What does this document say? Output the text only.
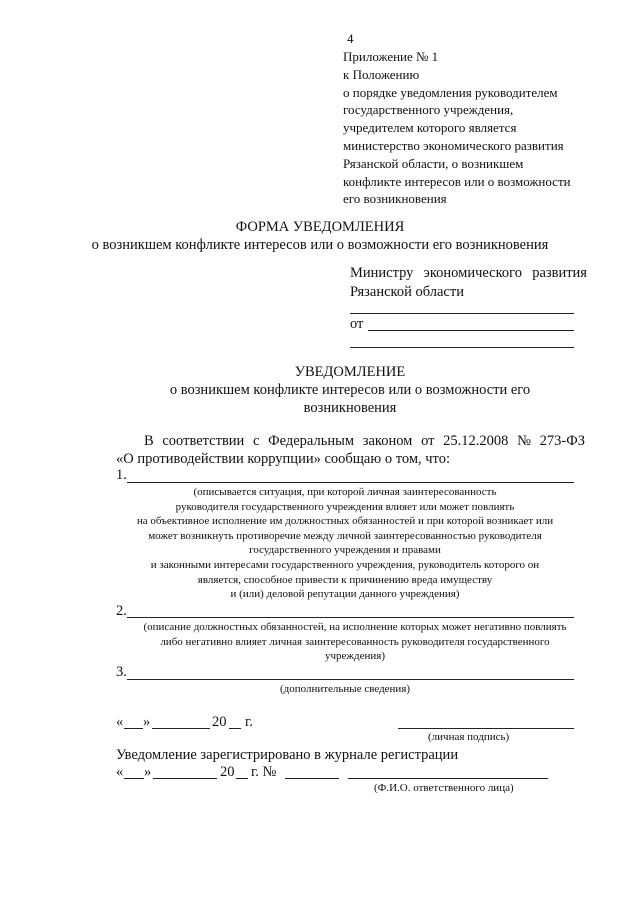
4
Приложение № 1
к Положению
о порядке уведомления руководителем
государственного учреждения,
учредителем которого является
министерство экономического развития
Рязанской области, о возникшем
конфликте интересов или о возможности
его возникновения
ФОРМА УВЕДОМЛЕНИЯ
о возникшем конфликте интересов или о возможности его возникновения
Министру экономического развития
Рязанской области
от
УВЕДОМЛЕНИЕ
о возникшем конфликте интересов или о возможности его
возникновения
В соответствии с Федеральным законом от 25.12.2008 № 273-ФЗ
«О противодействии коррупции» сообщаю о том, что:
1.
(описывается ситуация, при которой личная заинтересованность
руководителя государственного учреждения влияет или может повлиять
на объективное исполнение им должностных обязанностей и при которой возникает или
может возникнуть противоречие между личной заинтересованностью руководителя
государственного учреждения и правами
и законными интересами государственного учреждения, руководитель которого он
является, способное привести к причинению вреда имуществу
и (или) деловой репутации данного учреждения)
2.
(описание должностных обязанностей, на исполнение которых может негативно повлиять
либо негативно влияет личная заинтересованность руководителя государственного
учреждения)
3.
(дополнительные сведения)
« »	20 г.
(личная подпись)
Уведомление зарегистрировано в журнале регистрации
« »	20 г. №
(Ф.И.О. ответственного лица)
